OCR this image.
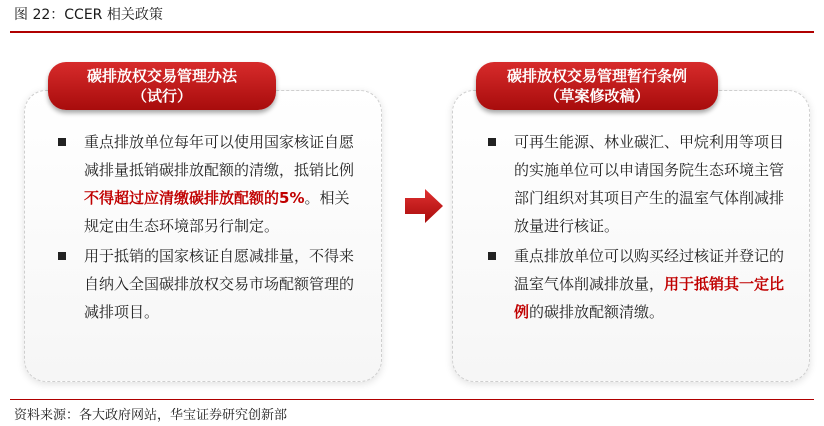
图 22：CCER 相关政策
碳排放权交易管理办法
（试行）
重点排放单位每年可以使用国家核证自愿减排量抵销碳排放配额的清缴，抵销比例不得超过应清缴碳排放配额的5%。相关规定由生态环境部另行制定。
用于抵销的国家核证自愿减排量，不得来自纳入全国碳排放权交易市场配额管理的减排项目。
碳排放权交易管理暂行条例
（草案修改稿）
可再生能源、林业碳汇、甲烷利用等项目的实施单位可以申请国务院生态环境主管部门组织对其项目产生的温室气体削减排放量进行核证。
重点排放单位可以购买经过核证并登记的温室气体削减排放量，用于抵销其一定比例的碳排放配额清缴。
资料来源：各大政府网站，华宝证券研究创新部
